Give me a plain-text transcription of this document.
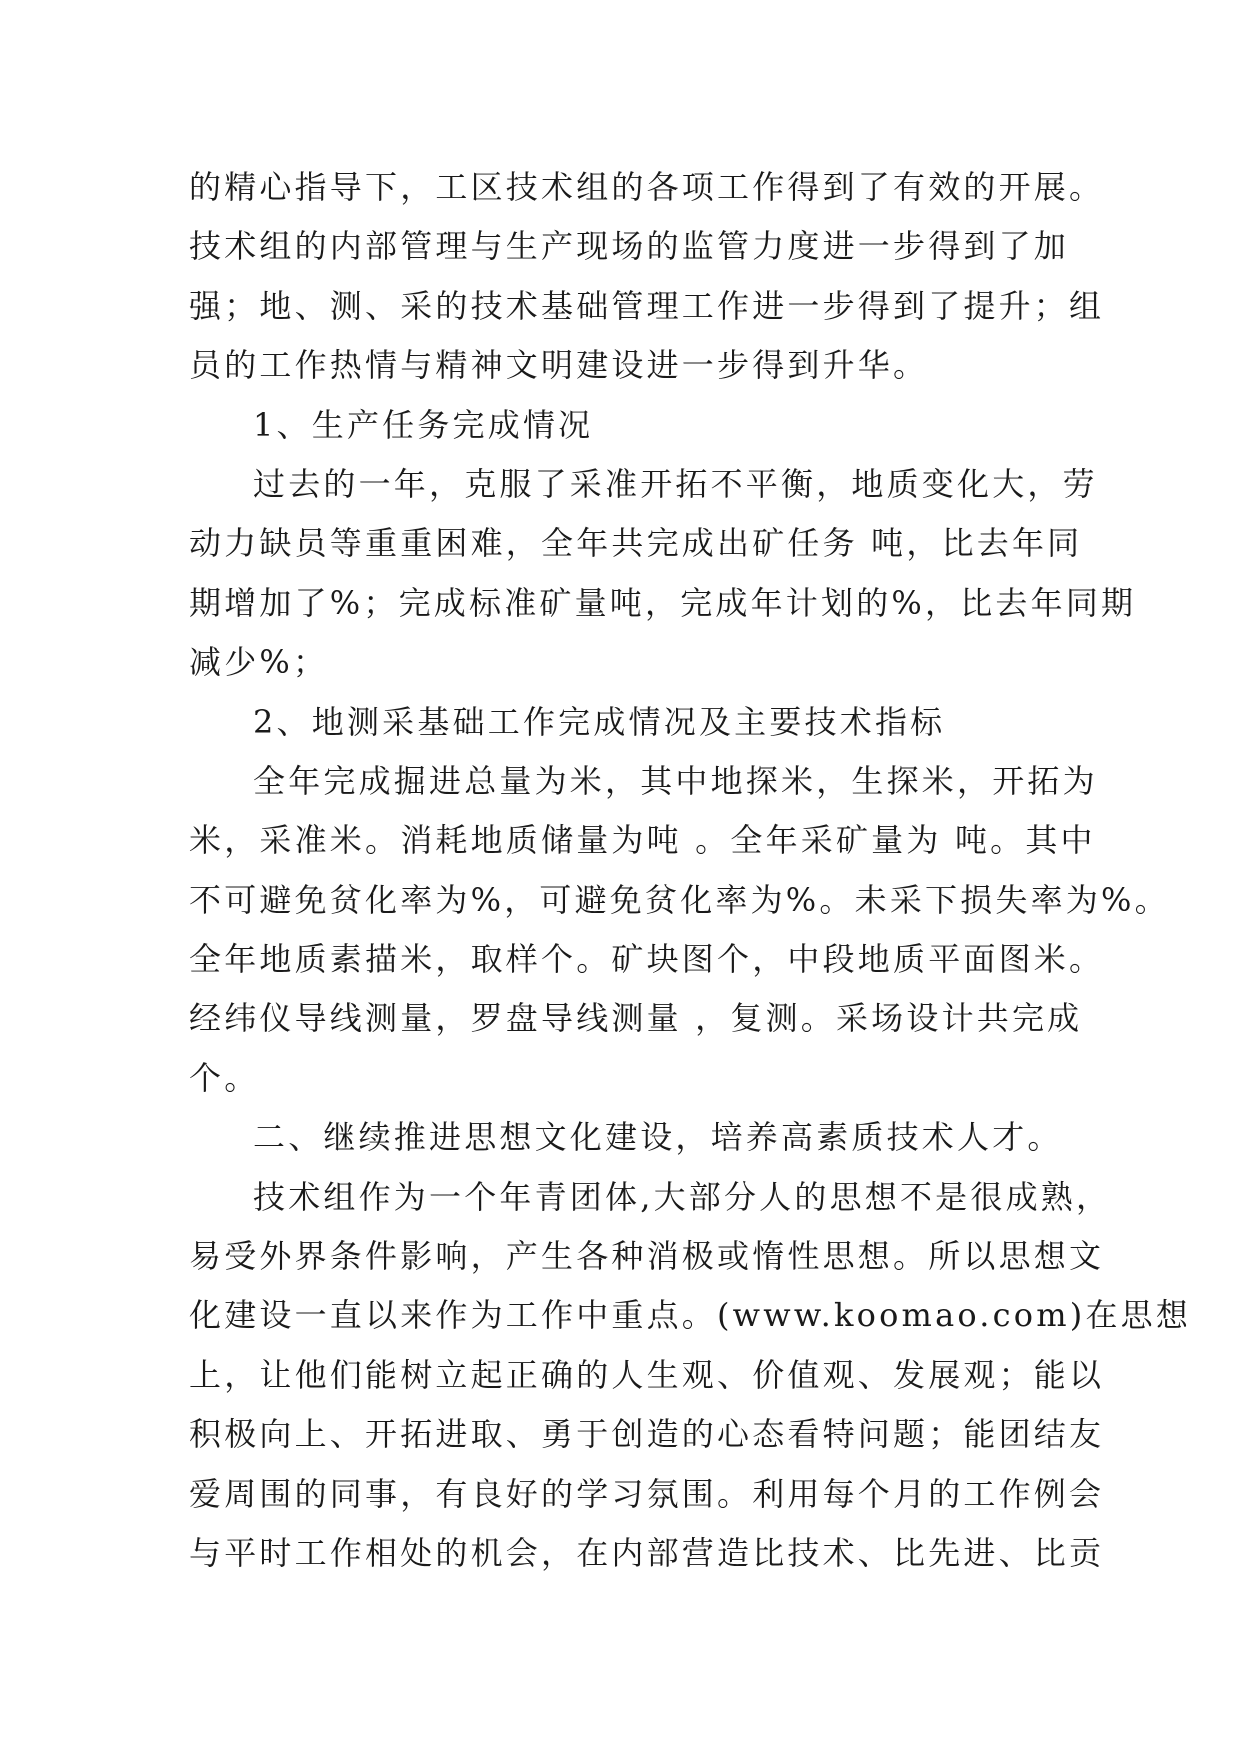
的精心指导下，工区技术组的各项工作得到了有效的开展。
技术组的内部管理与生产现场的监管力度进一步得到了加
强；地、测、采的技术基础管理工作进一步得到了提升；组
员的工作热情与精神文明建设进一步得到升华。
1、生产任务完成情况
过去的一年，克服了采准开拓不平衡，地质变化大，劳
动力缺员等重重困难，全年共完成出矿任务 吨，比去年同
期增加了%；完成标准矿量吨，完成年计划的%，比去年同期
减少%；
2、地测采基础工作完成情况及主要技术指标
全年完成掘进总量为米，其中地探米，生探米，开拓为
米，采准米。消耗地质储量为吨 。全年采矿量为 吨。其中
不可避免贫化率为%，可避免贫化率为%。未采下损失率为%。
全年地质素描米，取样个。矿块图个，中段地质平面图米。
经纬仪导线测量，罗盘导线测量 ，复测。采场设计共完成
个。
二、继续推进思想文化建设，培养高素质技术人才。
技术组作为一个年青团体,大部分人的思想不是很成熟，
易受外界条件影响，产生各种消极或惰性思想。所以思想文
化建设一直以来作为工作中重点。(www.koomao.com)在思想
上，让他们能树立起正确的人生观、价值观、发展观；能以
积极向上、开拓进取、勇于创造的心态看特问题；能团结友
爱周围的同事，有良好的学习氛围。利用每个月的工作例会
与平时工作相处的机会，在内部营造比技术、比先进、比贡
